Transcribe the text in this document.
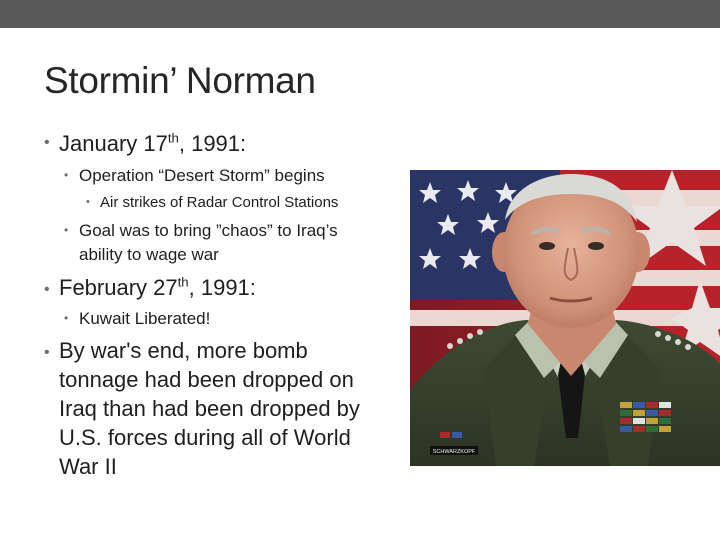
Stormin’ Norman
• January 17th, 1991:
• Operation “Desert Storm” begins
• Air strikes of Radar Control Stations
• Goal was to bring ”chaos” to Iraq’s
ability to wage war
• February 27th, 1991:
• Kuwait Liberated!
• By war's end, more bomb
tonnage had been dropped on
Iraq than had been dropped by
U.S. forces during all of World
War II
SCHWARZKOPF
